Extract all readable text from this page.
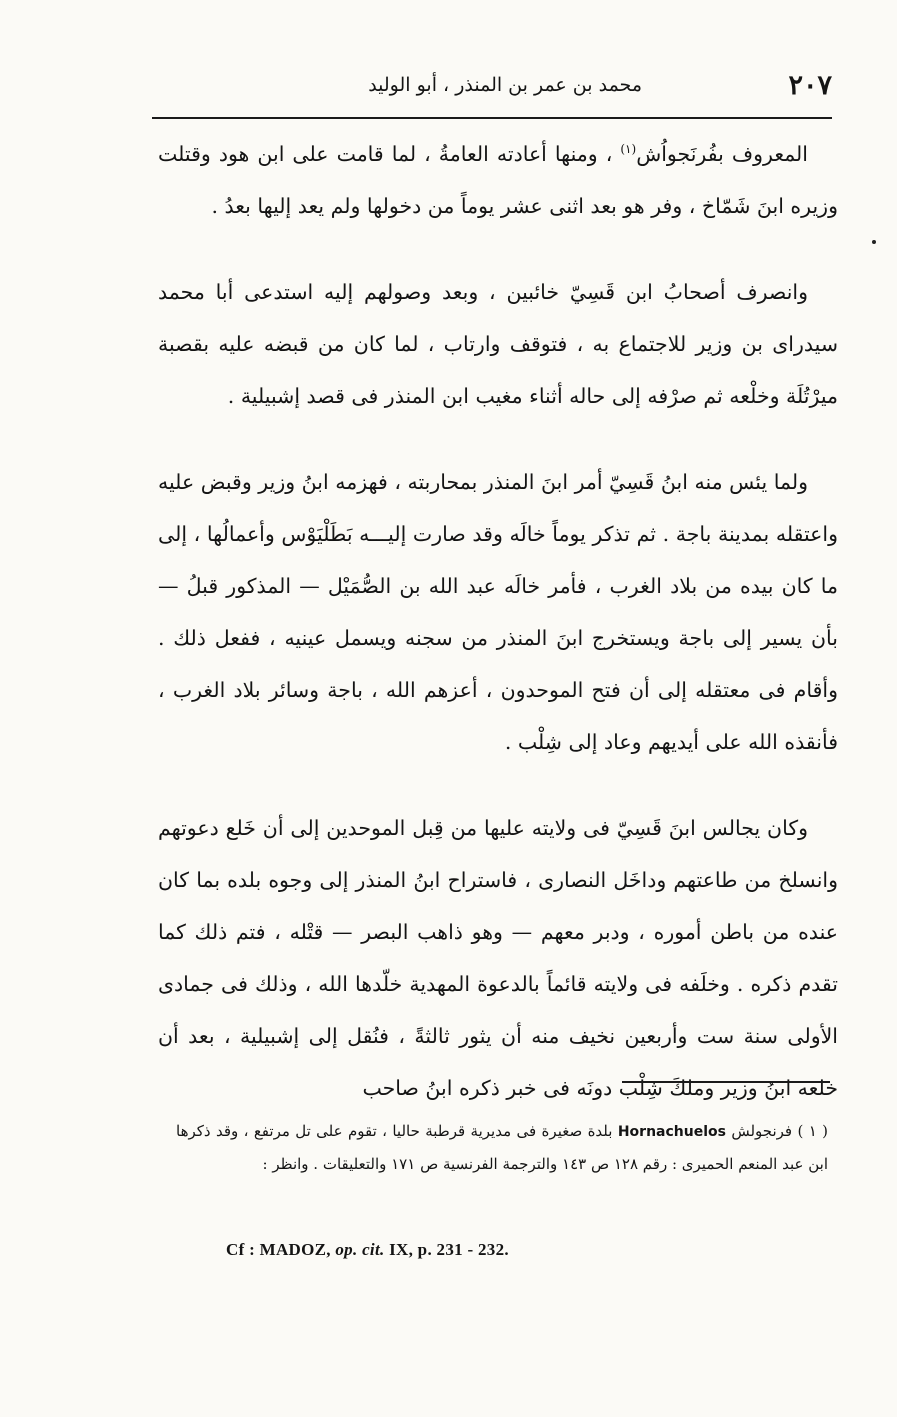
٢٠٧
محمد بن عمر بن المنذر ، أبو الوليد

المعروف بفُرنَجواُش$^{(١)}$ ، ومنها أعادته العامةُ ، لما قامت على ابن هود وقتلت وزيره ابنَ شَمّاخ ، وفر هو بعد اثنى عشر يوماً من دخولها ولم يعد إليها بعدُ .

وانصرف أصحابُ ابن قَسِيّ خائبين ، وبعد وصولهم إليه استدعى أبا محمد سيدراى بن وزير للاجتماع به ، فتوقف وارتاب ، لما كان من قبضه عليه بقصبة ميرْتُلَة وخلْعه ثم صرْفه إلى حاله أثناء مغيب ابن المنذر فى قصد إشبيلية .

ولما يئس منه ابنُ قَسِيّ أمر ابنَ المنذر بمحاربته ، فهزمه ابنُ وزير وقبض عليه واعتقله بمدينة باجة . ثم تذكر يوماً خالَه وقد صارت إليـــه بَطَلْيَوْس وأعمالُها ، إلى ما كان بيده من بلاد الغرب ، فأمر خالَه عبد الله بن الصُّمَيْل — المذكور قبلُ — بأن يسير إلى باجة ويستخرج ابنَ المنذر من سجنه ويسمل عينيه ، ففعل ذلك . وأقام فى معتقله إلى أن فتح الموحدون ، أعزهم الله ، باجة وسائر بلاد الغرب ، فأنقذه الله على أيديهم وعاد إلى شِلْب .

وكان يجالس ابنَ قَسِيّ فى ولايته عليها من قِبل الموحدين إلى أن خَلع دعوتهم وانسلخ من طاعتهم وداخَل النصارى ، فاستراح ابنُ المنذر إلى وجوه بلده بما كان عنده من باطن أموره ، ودبر معهم — وهو ذاهب البصر — قتْله ، فتم ذلك كما تقدم ذكره . وخلَفه فى ولايته قائماً بالدعوة المهدية خلّدها الله ، وذلك فى جمادى الأولى سنة ست وأربعين نخيف منه أن يثور ثالثةً ، فنُقل إلى إشبيلية ، بعد أن خلعه ابنُ وزير وملكَ شِلْب دونَه فى خبر ذكره ابنُ صاحب

( ١ ) فرنجولش Hornachuelos بلدة صغيرة فى مديرية قرطبة حاليا ، تقوم على تل مرتفع ، وقد ذكرها ابن عبد المنعم الحميرى : رقم ١٢٨ ص ١٤٣ والترجمة الفرنسية ص ١٧١ والتعليقات . وانظر :

Cf : MADOZ, op. cit. IX, p. 231 - 232.
